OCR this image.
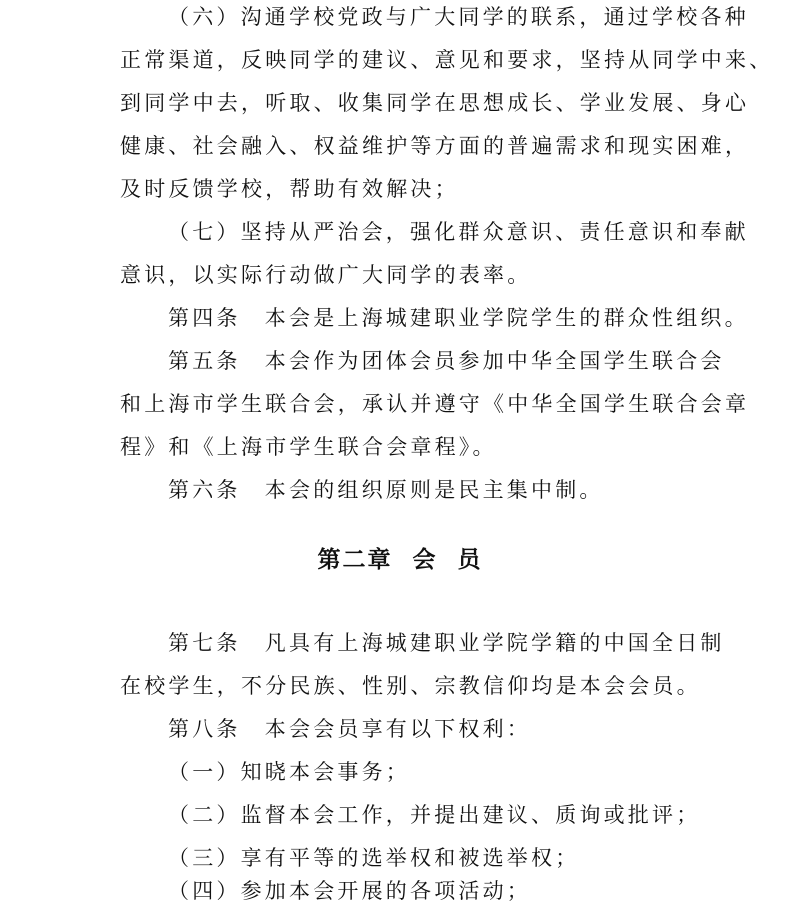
（六）沟通学校党政与广大同学的联系，通过学校各种
正常渠道，反映同学的建议、意见和要求，坚持从同学中来、
到同学中去，听取、收集同学在思想成长、学业发展、身心
健康、社会融入、权益维护等方面的普遍需求和现实困难，
及时反馈学校，帮助有效解决；
（七）坚持从严治会，强化群众意识、责任意识和奉献
意识，以实际行动做广大同学的表率。
第四条　本会是上海城建职业学院学生的群众性组织。
第五条　本会作为团体会员参加中华全国学生联合会
和上海市学生联合会，承认并遵守《中华全国学生联合会章
程》和《上海市学生联合会章程》。
第六条　本会的组织原则是民主集中制。
第二章  会  员
第七条　凡具有上海城建职业学院学籍的中国全日制
在校学生，不分民族、性别、宗教信仰均是本会会员。
第八条　本会会员享有以下权利：
（一）知晓本会事务；
（二）监督本会工作，并提出建议、质询或批评；
（三）享有平等的选举权和被选举权；
（四）参加本会开展的各项活动；
